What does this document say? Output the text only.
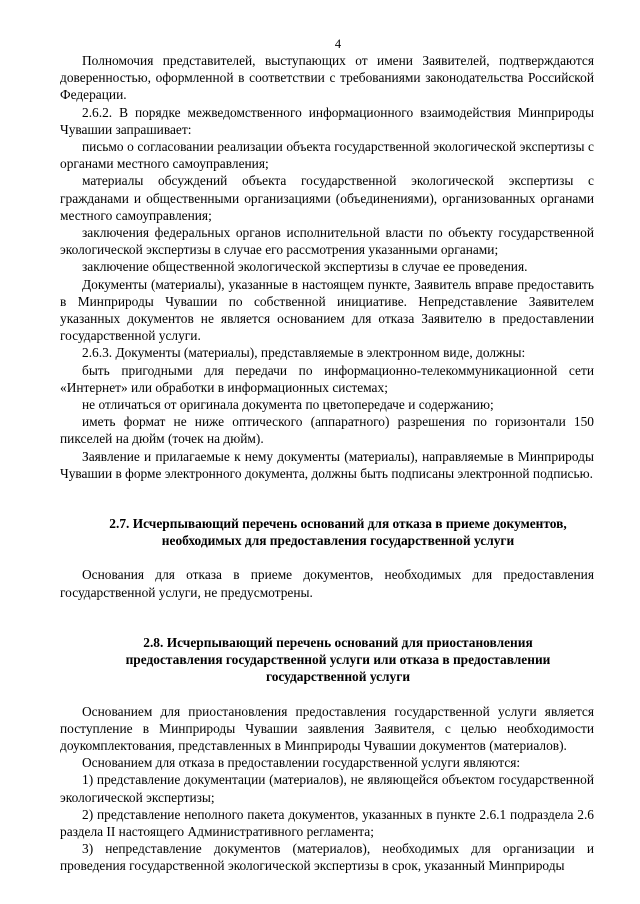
4

Полномочия представителей, выступающих от имени Заявителей, подтверждаются доверенностью, оформленной в соответствии с требованиями законодательства Российской Федерации.

2.6.2. В порядке межведомственного информационного взаимодействия Минприроды Чувашии запрашивает:

письмо о согласовании реализации объекта государственной экологической экспертизы с органами местного самоуправления;

материалы обсуждений объекта государственной экологической экспертизы с гражданами и общественными организациями (объединениями), организованных органами местного самоуправления;

заключения федеральных органов исполнительной власти по объекту государственной экологической экспертизы в случае его рассмотрения указанными органами;

заключение общественной экологической экспертизы в случае ее проведения.

Документы (материалы), указанные в настоящем пункте, Заявитель вправе предоставить в Минприроды Чувашии по собственной инициативе. Непредставление Заявителем указанных документов не является основанием для отказа Заявителю в предоставлении государственной услуги.

2.6.3. Документы (материалы), представляемые в электронном виде, должны:

быть пригодными для передачи по информационно-телекоммуникационной сети «Интернет» или обработки в информационных системах;

не отличаться от оригинала документа по цветопередаче и содержанию;

иметь формат не ниже оптического (аппаратного) разрешения по горизонтали 150 пикселей на дюйм (точек на дюйм).

Заявление и прилагаемые к нему документы (материалы), направляемые в Минприроды Чувашии в форме электронного документа, должны быть подписаны электронной подписью.

2.7. Исчерпывающий перечень оснований для отказа в приеме документов,
необходимых для предоставления государственной услуги

Основания для отказа в приеме документов, необходимых для предоставления государственной услуги, не предусмотрены.

2.8. Исчерпывающий перечень оснований для приостановления
предоставления государственной услуги или отказа в предоставлении
государственной услуги

Основанием для приостановления предоставления государственной услуги является поступление в Минприроды Чувашии заявления Заявителя, с целью необходимости доукомплектования, представленных в Минприроды Чувашии документов (материалов).

Основанием для отказа в предоставлении государственной услуги являются:

1) представление документации (материалов), не являющейся объектом государственной экологической экспертизы;

2) представление неполного пакета документов, указанных в пункте 2.6.1 подраздела 2.6 раздела II настоящего Административного регламента;

3) непредставление документов (материалов), необходимых для организации и проведения государственной экологической экспертизы в срок, указанный Минприроды
